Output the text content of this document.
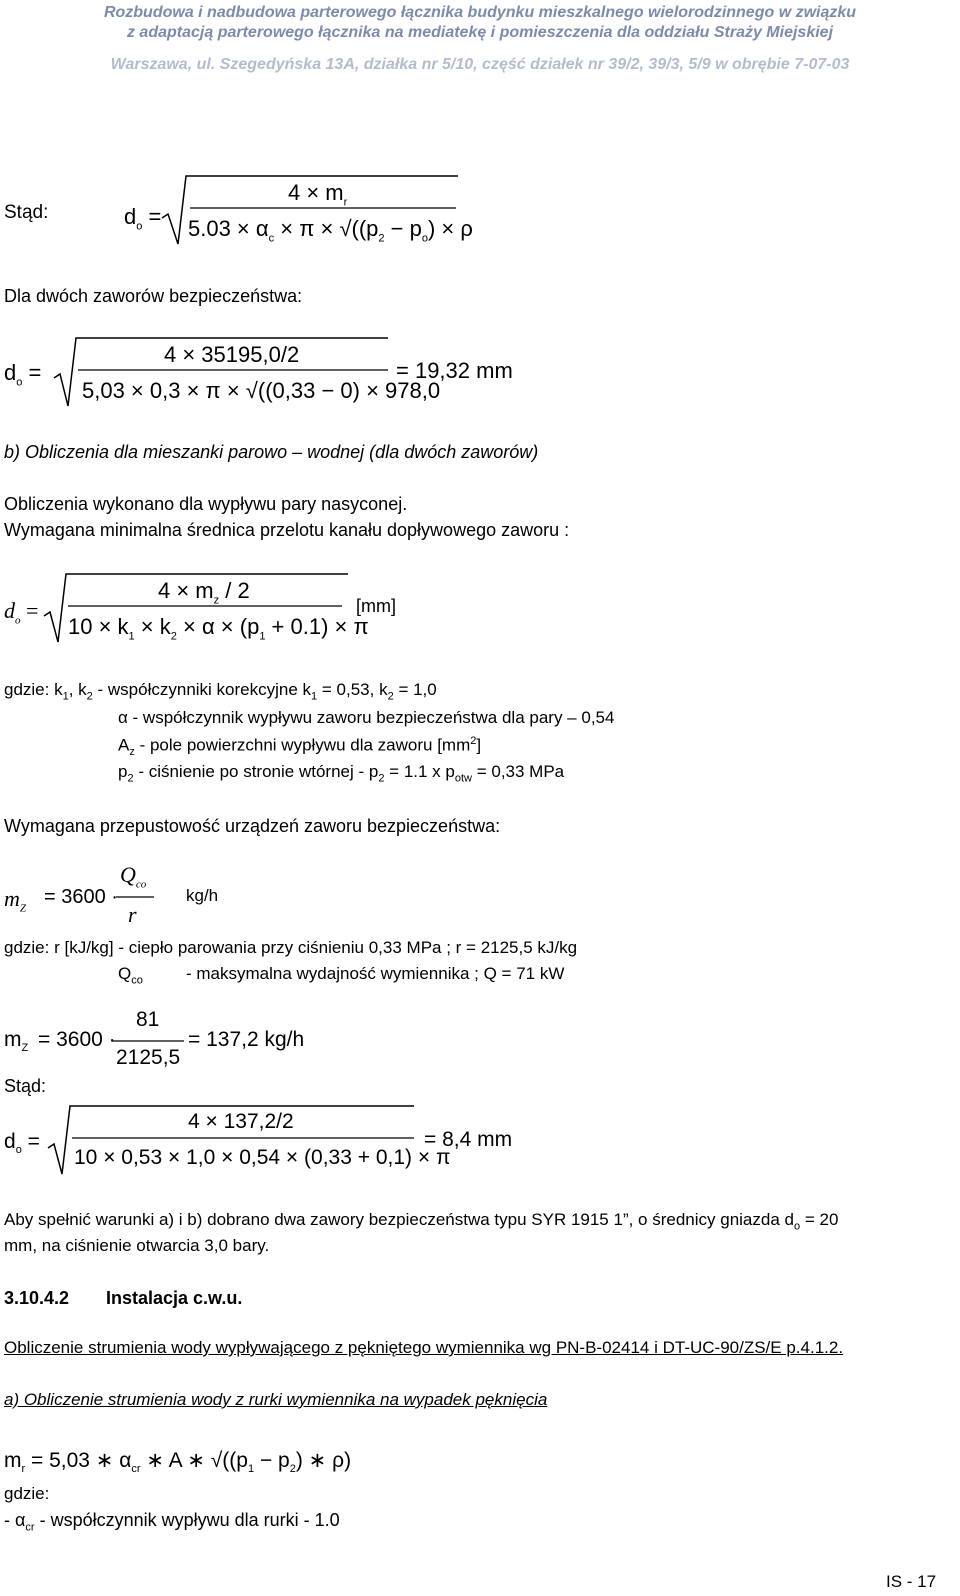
Rozbudowa i nadbudowa parterowego łącznika budynku mieszkalnego wielorodzinnego w związku
z adaptacją parterowego łącznika na mediatekę i pomieszczenia dla oddziału Straży Miejskiej
Warszawa, ul. Szegedyńska 13A, działka nr 5/10, część działek nr 39/2, 39/3, 5/9 w obrębie 7-07-03
Stąd:	$d_o$ =
$4 \times m_r$
$5.03 \times \alpha_c \times \pi \times √((p_2 - p_o) \times \rho$
Dla dwóch zaworów bezpieczeństwa:
$d_o$ =
4 × 35195,0/2
5,03 × 0,3 × π × √((0,33 − 0) × 978,0
= 19,32 mm
b) Obliczenia dla mieszanki parowo – wodnej (dla dwóch zaworów)
Obliczenia wykonano dla wypływu pary nasyconej.
Wymagana minimalna średnica przelotu kanału dopływowego zaworu :
$d_o$ =
$4 \times m_z / 2$
$10 \times k_1 \times k_2 \times \alpha \times (p_1 + 0.1) \times \pi$
[mm]
gdzie: $k_1$, $k_2$ - współczynniki korekcyjne $k_1 = 0,53$, $k_2 = 1,0$
α - współczynnik wypływu zaworu bezpieczeństwa dla pary – 0,54
$A_z$ - pole powierzchni wypływu dla zaworu $[mm^2]$
$p_2$ - ciśnienie po stronie wtórnej - $p_2 = 1.1$ x $p_{otw} = 0,33$ MPa
Wymagana przepustowość urządzeń zaworu bezpieczeństwa:
$m_Z$
= 3600 ·
$Q_{co}$
r
kg/h
gdzie: r [kJ/kg] - ciepło parowania przy ciśnieniu 0,33 MPa ; r = 2125,5 kJ/kg
$Q_{co}$	- maksymalna wydajność wymiennika ; Q = 71 kW
$m_Z = 3600$ ·
81
2125,5
= 137,2 kg/h
Stąd:
$d_o$ =
4 × 137,2/2
10 × 0,53 × 1,0 × 0,54 × (0,33 + 0,1) × π
= 8,4 mm
Aby spełnić warunki a) i b) dobrano dwa zawory bezpieczeństwa typu SYR 1915 1”, o średnicy gniazda $d_o = 20$
mm, na ciśnienie otwarcia 3,0 bary.
3.10.4.2 Instalacja c.w.u.
Obliczenie strumienia wody wypływającego z pękniętego wymiennika wg PN-B-02414 i DT-UC-90/ZS/E p.4.1.2.
a) Obliczenie strumienia wody z rurki wymiennika na wypadek pęknięcia
$m_r = 5,03$ ∗ $\alpha_{cr}$ ∗ A ∗ $√((p_1 - p_2)$ ∗ ρ)
gdzie:
- $\alpha_{cr}$ - współczynnik wypływu dla rurki - 1.0
IS - 17
